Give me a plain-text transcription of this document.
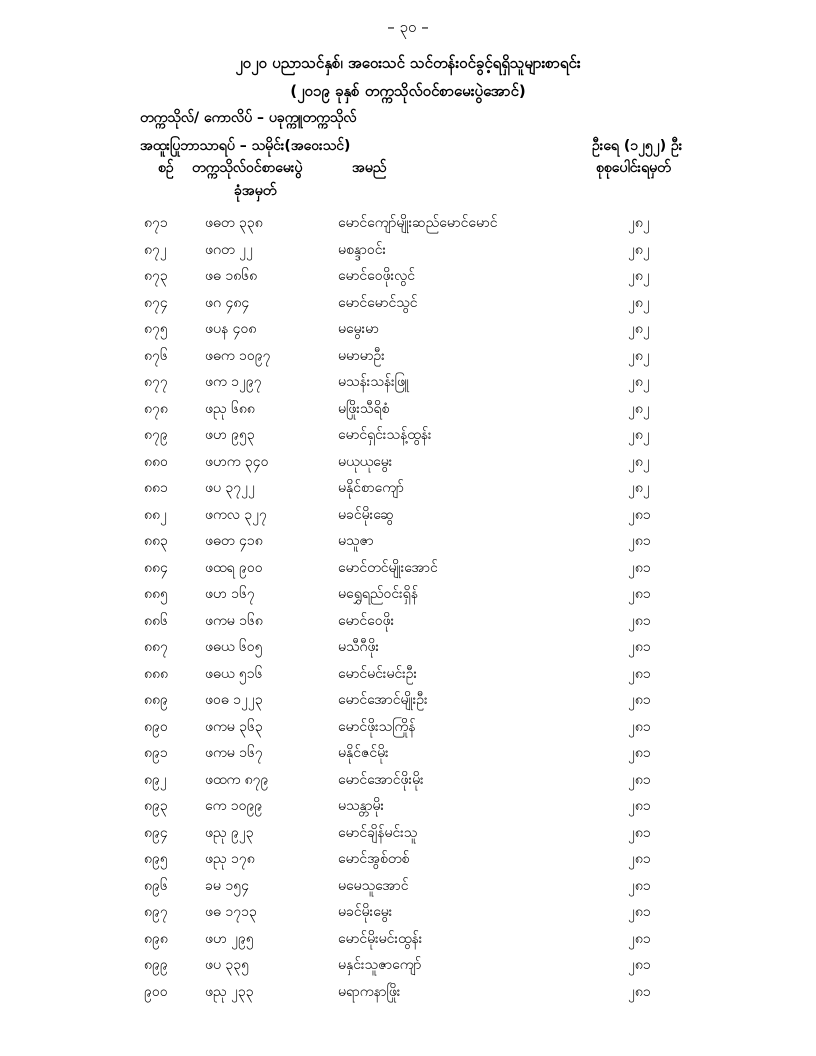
– ၃၀ –
၂၀၂၀ ပညာသင်နှစ်၊ အဝေးသင် သင်တန်းဝင်ခွင့်ရရှိသူများစာရင်း
(၂၀၁၉ ခုနှစ် တက္ကသိုလ်ဝင်စာမေးပွဲအောင်)
တက္ကသိုလ်/ ကောလိပ် – ပခုက္ကူတက္ကသိုလ်
အထူးပြုဘာသာရပ် – သမိုင်း(အဝေးသင်)	ဦးရေ (၁၂၅၂) ဦး
စဉ် တက္ကသိုလ်ဝင်စာမေးပွဲ
ခုံအမှတ်
အမည်	စုစုပေါင်းရမှတ်
၈၇၁	ဖဓတ ၃၃၈	မောင်ကျော်မျိုးဆည်မောင်မောင်	၂၈၂
၈၇၂	ဖဂတ ၂၂	မစန္ဒာဝင်း	၂၈၂
၈၇၃	ဖဓ ၁၈၆၈	မောင်ဝေဖိုးလွင်	၂၈၂
၈၇၄	ဖဂ ၄၈၄	မောင်မောင်သွင်	၂၈၂
၈၇၅	ဖပန ၄၀၈	မမွေးမာ	၂၈၂
၈၇၆	ဖဓက ၁၀၉၇	မမာမာဦး	၂၈၂
၈၇၇	ဖက ၁၂၉၇	မသန်းသန်းဖြူ	၂၈၂
၈၇၈	ဖညု ၆၈၈	မဖြိုးသီရိစံ	၂၈၂
၈၇၉	ဖဟ ၉၅၃	မောင်ရှင်းသန့်ထွန်း	၂၈၂
၈၈၀	ဖဟက ၃၄၀	မယုယုမွေး	၂၈၂
၈၈၁	ဖပ ၃၇၂၂	မနိုင်စာကျော်	၂၈၂
၈၈၂	ဖကလ ၃၂၇	မခင်မိုးဆွေ	၂၈၁
၈၈၃	ဖဓတ ၄၁၈	မသူဇာ	၂၈၁
၈၈၄	ဖထရ ၉၀၀	မောင်တင်မျိုးအောင်	၂၈၁
၈၈၅	ဖဟ ၁၆၇	မရွှေရည်ဝင်းရှိန်	၂၈၁
၈၈၆	ဖကမ ၁၆၈	မောင်ဝေဖိုး	၂၈၁
၈၈၇	ဖဓယ ၆၀၅	မသီဂီဖိုး	၂၈၁
၈၈၈	ဖဓယ ၅၁၆	မောင်မင်းမင်းဦး	၂၈၁
၈၈၉	ဖဝဓ ၁၂၂၃	မောင်အောင်မျိုးဦး	၂၈၁
၈၉၀	ဖကမ ၃၆၃	မောင်ဖိုးသကြိုန်	၂၈၁
၈၉၁	ဖကမ ၁၆၇	မနိုင်ဇင်မိုး	၂၈၁
၈၉၂	ဖထက ၈၇၉	မောင်အောင်ဖိုးမိုး	၂၈၁
၈၉၃	ကေ ၁၀၉၉	မသန္တာမိုး	၂၈၁
၈၉၄	ဖညု ၉၂၃	မောင်ချိန်မင်းသူ	၂၈၁
၈၉၅	ဖညု ၁၇၈	မောင်အွစ်တစ်	၂၈၁
၈၉၆	ခမ ၁၅၄	မမေသူအောင်	၂၈၁
၈၉၇	ဖဓ ၁၇၁၃	မခင်မိုးမွေး	၂၈၁
၈၉၈	ဖဟ ၂၉၅	မောင်မိုးမင်းထွန်း	၂၈၁
၈၉၉	ဖပ ၃၃၅	မနှင်းသူဇာကျော်	၂၈၁
၉၀၀	ဖညု ၂၃၃	မရာကနာဖြိုး	၂၈၁
